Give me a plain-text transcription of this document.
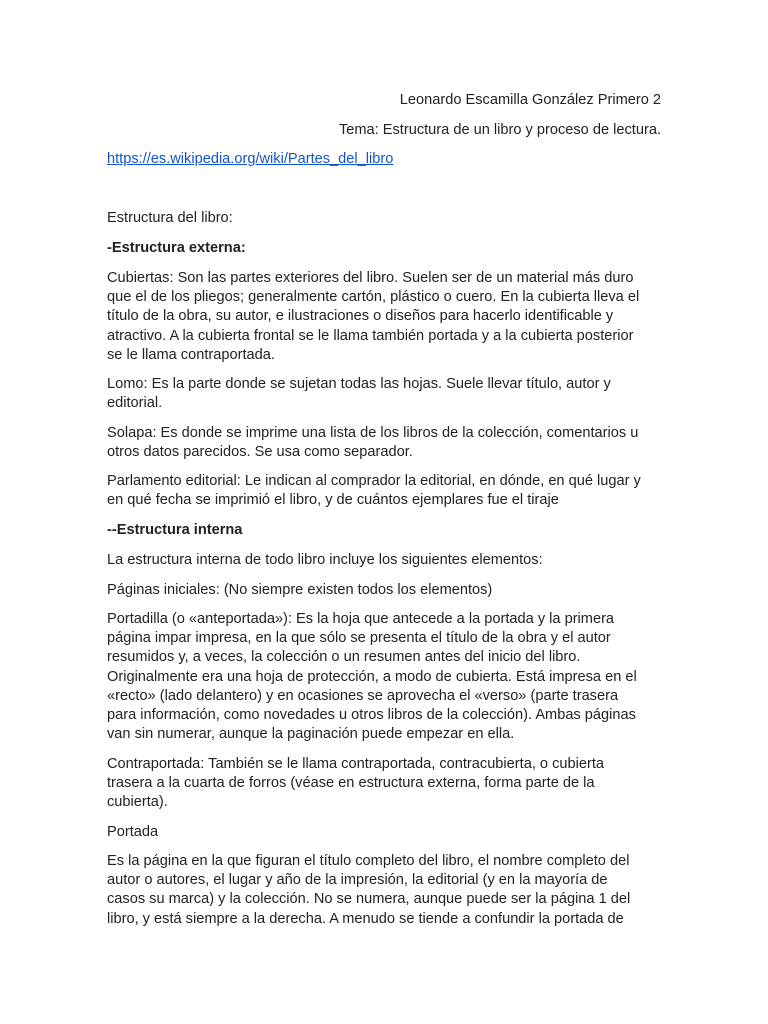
Leonardo Escamilla González Primero 2

Tema: Estructura de un libro y proceso de lectura.

https://es.wikipedia.org/wiki/Partes_del_libro

Estructura del libro:

-Estructura externa:

Cubiertas: Son las partes exteriores del libro. Suelen ser de un material más duro
que el de los pliegos; generalmente cartón, plástico o cuero. En la cubierta lleva el
título de la obra, su autor, e ilustraciones o diseños para hacerlo identificable y
atractivo. A la cubierta frontal se le llama también portada y a la cubierta posterior
se le llama contraportada.
Lomo: Es la parte donde se sujetan todas las hojas. Suele llevar título, autor y
editorial.
Solapa: Es donde se imprime una lista de los libros de la colección, comentarios u
otros datos parecidos. Se usa como separador.
Parlamento editorial: Le indican al comprador la editorial, en dónde, en qué lugar y
en qué fecha se imprimió el libro, y de cuántos ejemplares fue el tiraje

--Estructura interna

La estructura interna de todo libro incluye los siguientes elementos:

Páginas iniciales: (No siempre existen todos los elementos)

Portadilla (o «anteportada»): Es la hoja que antecede a la portada y la primera
página impar impresa, en la que sólo se presenta el título de la obra y el autor
resumidos y, a veces, la colección o un resumen antes del inicio del libro.
Originalmente era una hoja de protección, a modo de cubierta. Está impresa en el
«recto» (lado delantero) y en ocasiones se aprovecha el «verso» (parte trasera
para información, como novedades u otros libros de la colección). Ambas páginas
van sin numerar, aunque la paginación puede empezar en ella.
Contraportada: También se le llama contraportada, contracubierta, o cubierta
trasera a la cuarta de forros (véase en estructura externa, forma parte de la
cubierta).

Portada

Es la página en la que figuran el título completo del libro, el nombre completo del
autor o autores, el lugar y año de la impresión, la editorial (y en la mayoría de
casos su marca) y la colección. No se numera, aunque puede ser la página 1 del
libro, y está siempre a la derecha. A menudo se tiende a confundir la portada de
